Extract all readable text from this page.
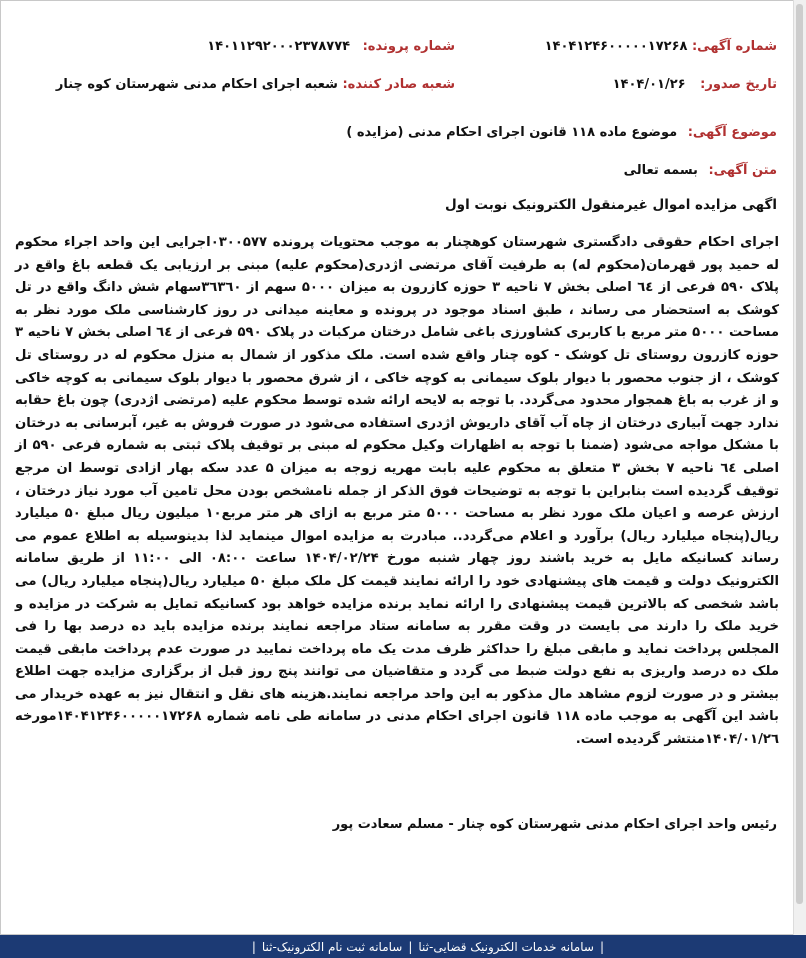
شماره آگهی: ۱۴۰۴۱۲۴۶۰۰۰۰۰۱۷۲۶۸
شماره پرونده: ۱۴۰۱۱۲۹۲۰۰۰۲۳۷۸۷۷۴
تاریخ صدور: ۱۴۰۴/۰۱/۲۶
شعبه صادر کننده: شعبه اجرای احکام مدنی شهرستان کوه چنار
موضوع آگهی: موضوع ماده ۱۱۸ قانون اجرای احکام مدنی (مزایده )
متن آگهی: بسمه تعالی
اگهی مزایده اموال غیرمنقول الکترونیک نوبت اول

اجرای احکام حقوقی دادگستری شهرستان کوهچنار به موجب محتویات پرونده ۰۳۰۰۵۷۷اجرایی این واحد اجراء محکوم له حمید پور قهرمان(محکوم له) به طرفیت آقای مرتضی اژدری(محکوم علیه) مبنی بر ارزیابی یک قطعه باغ واقع در پلاک ۵۹۰ فرعی از ٦٤ اصلی بخش ۷ ناحیه ۳ حوزه کازرون به میزان ۵۰۰۰ سهم از ۳٦۳٦۰سهام شش دانگ واقع در تل کوشک به استحضار می رساند ، طبق اسناد موجود در پرونده و معاینه میدانی در روز کارشناسی ملک مورد نظر به مساحت ۵۰۰۰ متر مربع با کاربری کشاورزی باغی شامل درختان مرکبات در پلاک ۵۹۰ فرعی از ٦٤ اصلی بخش ۷ ناحیه ۳ حوزه کازرون روستای تل کوشک - کوه چنار واقع شده است. ملک مذکور از شمال به منزل محکوم له در روستای تل کوشک ، از جنوب محصور با دیوار بلوک سیمانی به کوچه خاکی ، از شرق محصور با دیوار بلوک سیمانی به کوچه خاکی و از غرب به باغ همجوار محدود می‌گردد. با توجه به لایحه ارائه شده توسط محکوم علیه (مرتضی اژدری) چون باغ حقابه ندارد جهت آبیاری درختان از چاه آب آقای داریوش اژدری استفاده می‌شود در صورت فروش به غیر، آبرسانی به درختان با مشکل مواجه می‌شود (ضمنا با توجه به اظهارات وکیل محکوم له مبنی بر توقیف پلاک ثبتی به شماره فرعی ۵۹۰ از اصلی ٦٤ ناحیه ۷ بخش ۳ متعلق به محکوم علیه بابت مهریه زوجه به میزان ۵ عدد سکه بهار ازادی توسط ان مرجع توقیف گردیده است بنابراین با توجه به توضیحات فوق الذکر از جمله نامشخص بودن محل تامین آب مورد نیاز درختان ، ارزش عرصه و اعیان ملک مورد نظر به مساحت ۵۰۰۰ متر مربع به ازای هر متر مربع۱۰ میلیون ریال مبلغ ۵۰ میلیارد ریال(پنجاه میلیارد ریال) برآورد و اعلام می‌گردد.. مبادرت به مزایده اموال مینماید لذا بدینوسیله به اطلاع عموم می رساند کسانیکه مایل به خرید باشند روز چهار شنبه مورخ ۱۴۰۴/۰۲/۲۴ ساعت ۰۸:۰۰ الی ۱۱:۰۰ از طریق سامانه الکترونیک دولت و قیمت های پیشنهادی خود را ارائه نمایند قیمت کل ملک مبلغ ۵۰ میلیارد ریال(پنجاه میلیارد ریال) می باشد شخصی که بالاترین قیمت پیشنهادی را ارائه نماید برنده مزایده خواهد بود کسانیکه تمایل به شرکت در مزایده و خرید ملک را دارند می بایست در وقت مقرر به سامانه ستاد مراجعه نمایند برنده مزایده باید ده درصد بها را فی المجلس پرداخت نماید و مابقی مبلغ را حداکثر ظرف مدت یک ماه پرداخت نمایید در صورت عدم پرداخت مابقی قیمت ملک ده درصد واریزی به نفع دولت ضبط می گردد و متقاضیان می توانند پنج روز قبل از برگزاری مزایده جهت اطلاع بیشتر و در صورت لزوم مشاهد مال مذکور به این واحد مراجعه نمایند.هزینه های نقل و انتقال نیز به عهده خریدار می باشد این آگهی به موجب ماده ۱۱۸ قانون اجرای احکام مدنی در سامانه طی نامه شماره ۱۴۰۴۱۲۴۶۰۰۰۰۰۱۷۲۶۸مورخه ۱۴۰۴/۰۱/۲٦منتشر گردیده است.

رئیس واحد اجرای احکام مدنی شهرستان کوه چنار - مسلم سعادت پور
|
سامانه خدمات الکترونیک قضایی-ثنا
|
سامانه ثبت نام الکترونیک-ثنا
|
